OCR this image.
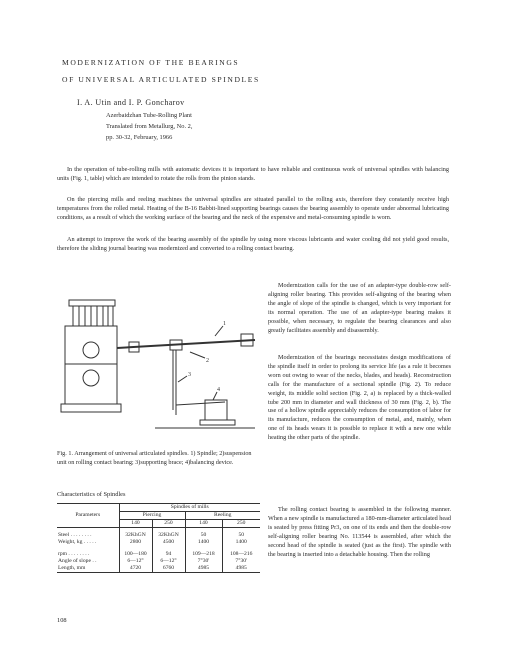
MODERNIZATION OF THE BEARINGS
OF UNIVERSAL ARTICULATED SPINDLES
I. A. Utin and I. P. Goncharov
Azerbaidzhan Tube-Rolling Plant
Translated from Metallurg, No. 2,
pp. 30-32, February, 1966

In the operation of tube-rolling mills with automatic devices it is important to have reliable and continuous work of universal spindles with balancing units (Fig. 1, table) which are intended to rotate the rolls from the pinion stands.

On the piercing mills and reeling machines the universal spindles are situated parallel to the rolling axis, therefore they constantly receive high temperatures from the rolled metal. Heating of the B-16 Babbit-lined supporting bearings causes the bearing assembly to operate under abnormal lubricating conditions, as a result of which the working surface of the bearing and the neck of the expensive and metal-consuming spindle is worn.

An attempt to improve the work of the bearing assembly of the spindle by using more viscous lubricants and water cooling did not yield good results, therefore the sliding journal bearing was modernized and converted to a rolling contact bearing.

Modernization calls for the use of an adapter-type double-row self-aligning roller bearing. This provides self-aligning of the bearing when the angle of slope of the spindle is changed, which is very important for its normal operation. The use of an adapter-type bearing makes it possible, when necessary, to regulate the bearing clearances and also greatly facilitates assembly and disassembly.

Modernization of the bearings necessitates design modifications of the spindle itself in order to prolong its service life (as a rule it becomes worn out owing to wear of the necks, blades, and heads). Reconstruction calls for the manufacture of a sectional spindle (Fig. 2). To reduce weight, its middle solid section (Fig. 2, a) is replaced by a thick-walled tube 200 mm in diameter and wall thickness of 30 mm (Fig. 2, b). The use of a hollow spindle appreciably reduces the consumption of labor for its manufacture, reduces the consumption of metal, and, mainly, when one of its heads wears it is possible to replace it with a new one while heating the other parts of the spindle.

The rolling contact bearing is assembled in the following manner. When a new spindle is manufactured a 180-mm-diameter articulated head is seated by press fitting Pr3₃ on one of its ends and then the double-row self-aligning roller bearing No. 113544 is assembled, after which the second head of the spindle is seated (just as the first). The spindle with the bearing is inserted into a detachable housing. Then the rolling

1
2
3
4

Fig. 1. Arrangement of universal articulated spindles. 1) Spindle; 2)suspension unit on rolling contact bearing; 3)supporting brace; 4)balancing device.

Characteristics of Spindles
Parameters	Spindles of mills			
	Piercing		Reeling	
	140	250	140	250

Steel . . . . . . . .	32KhGN	32KhGN	50	50
Weight, kg . . . . .	2800	4500	1400	1400

rpm . . . . . . . .	100—180	94	109—218	108—216
Angle of slope . .	6—12°	6—12°	7°30'	7°30'
Length, mm	4720	6760	4985	4985
108
